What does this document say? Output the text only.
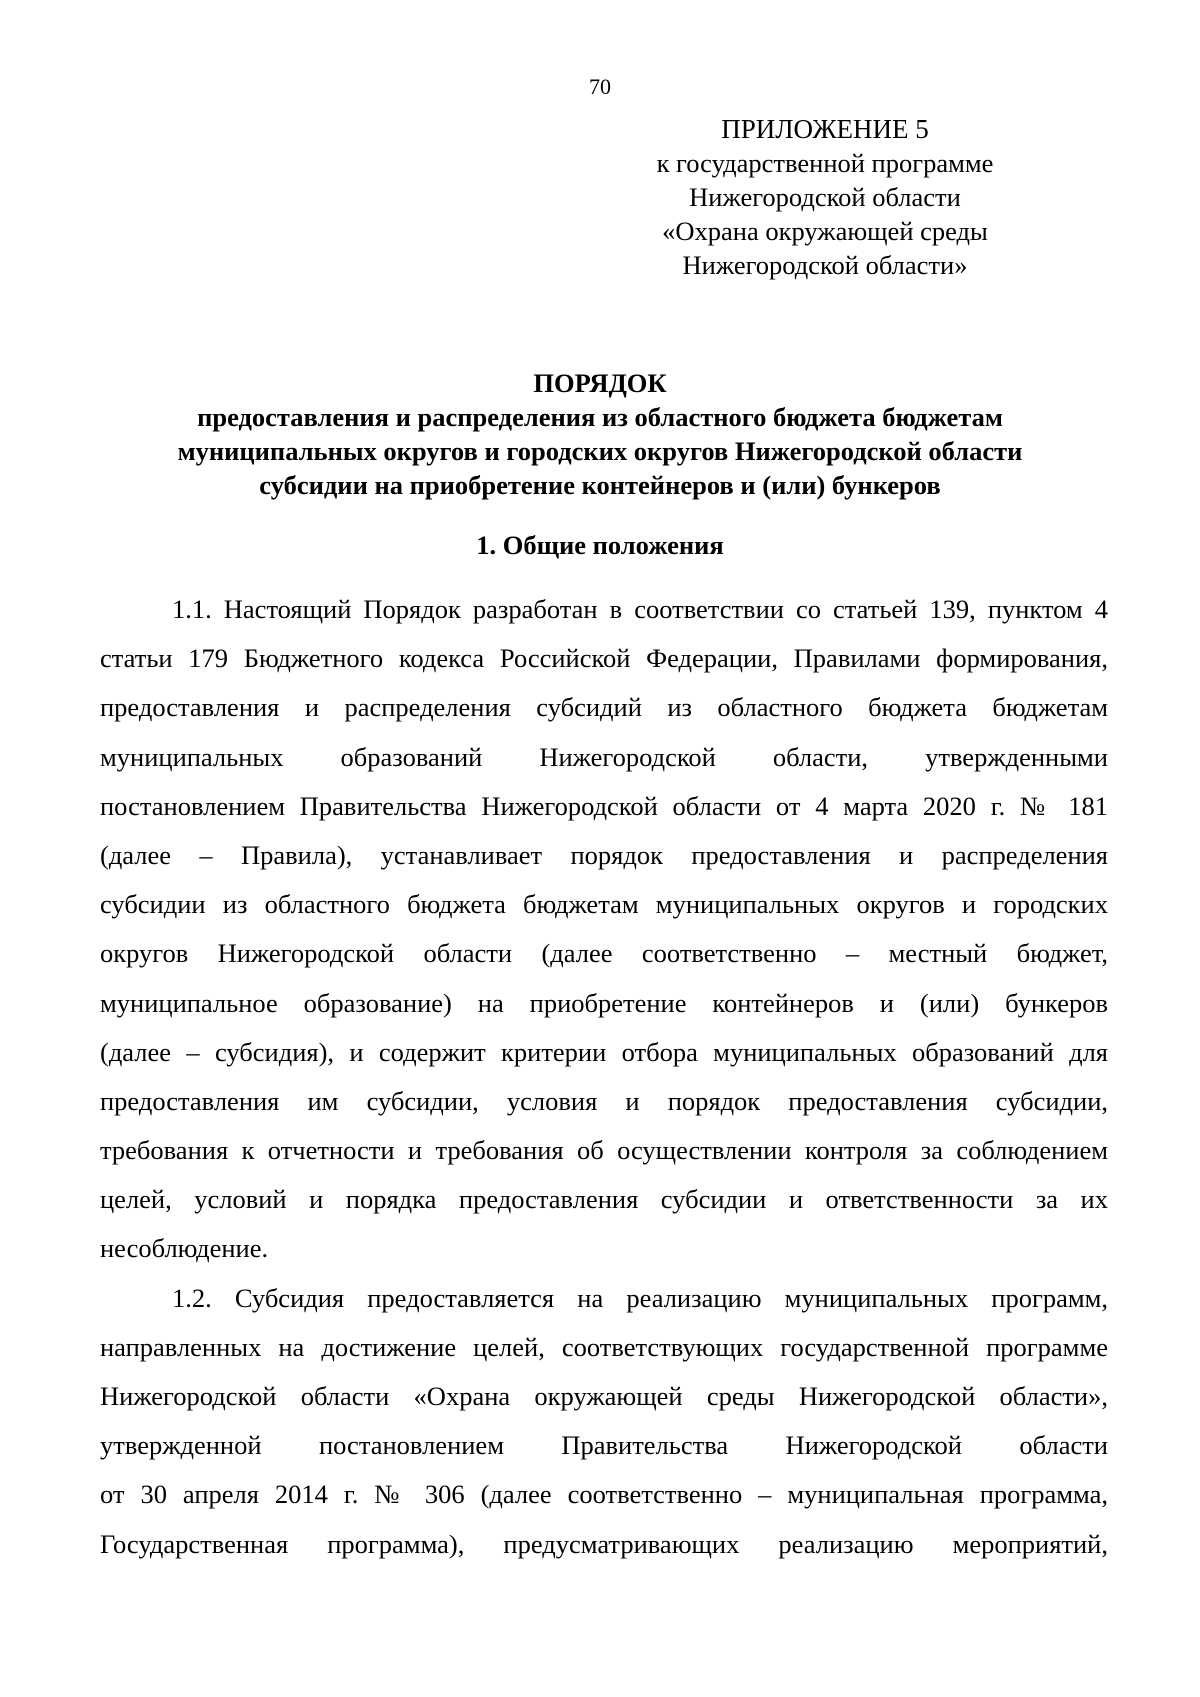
70
ПРИЛОЖЕНИЕ 5
к государственной программе
Нижегородской области
«Охрана окружающей среды
Нижегородской области»
ПОРЯДОК
предоставления и распределения из областного бюджета бюджетам
муниципальных округов и городских округов Нижегородской области
субсидии на приобретение контейнеров и (или) бункеров
1. Общие положения
1.1. Настоящий Порядок разработан в соответствии со статьей 139, пунктом 4
статьи 179 Бюджетного кодекса Российской Федерации, Правилами формирования,
предоставления и распределения субсидий из областного бюджета бюджетам
муниципальных образований Нижегородской области, утвержденными
постановлением Правительства Нижегородской области от 4 марта 2020 г. № 181
(далее – Правила), устанавливает порядок предоставления и распределения
субсидии из областного бюджета бюджетам муниципальных округов и городских
округов Нижегородской области (далее соответственно – местный бюджет,
муниципальное образование) на приобретение контейнеров и (или) бункеров
(далее – субсидия), и содержит критерии отбора муниципальных образований для
предоставления им субсидии, условия и порядок предоставления субсидии,
требования к отчетности и требования об осуществлении контроля за соблюдением
целей, условий и порядка предоставления субсидии и ответственности за их
несоблюдение.
1.2. Субсидия предоставляется на реализацию муниципальных программ,
направленных на достижение целей, соответствующих государственной программе
Нижегородской области «Охрана окружающей среды Нижегородской области»,
утвержденной постановлением Правительства Нижегородской области
от 30 апреля 2014 г. № 306 (далее соответственно – муниципальная программа,
Государственная программа), предусматривающих реализацию мероприятий,
